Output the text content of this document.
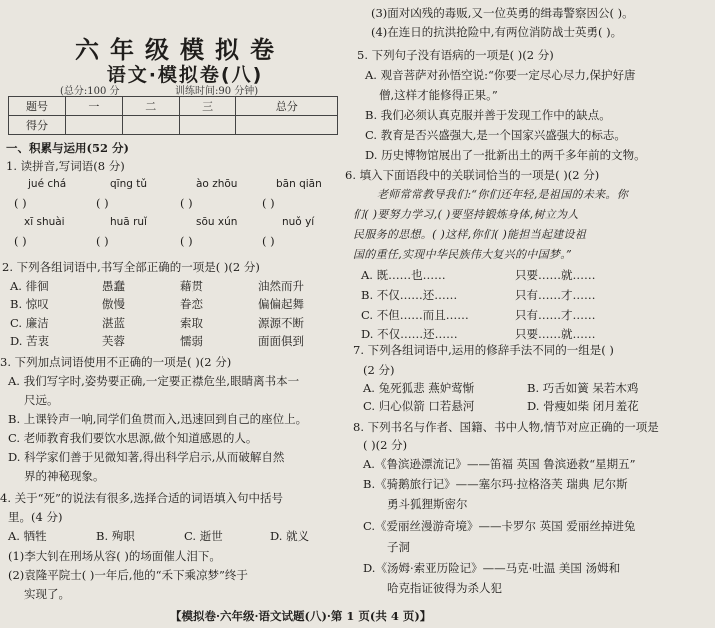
六年级模拟卷
语文·模拟卷(八)
(总分:100 分	训练时间:90 分钟)
题号	一	二	三	总分
得分				
一、积累与运用(52 分)
1. 读拼音,写词语(8 分)
jué chá	qīng tǔ	ào zhōu	bān qiān
( )	( )	( )	( )
xī shuài	huā ruǐ	sōu xún	nuǒ yí
( )	( )	( )	( )
2. 下列各组词语中,书写全部正确的一项是( )(2 分)
A. 徘徊	愚蠢	藉贯	油然而升
B. 惊叹	傲慢	眷恋	偏偏起舞
C. 廉洁	湛蓝	索取	源源不断
D. 苦衷	芙蓉	懦弱	面面俱到
3. 下列加点词语使用不正确的一项是( )(2 分)
A. 我们写字时,姿势要正确,一定要正襟危坐,眼睛离书本一
尺远。
B. 上课铃声一响,同学们鱼贯而入,迅速回到自己的座位上。
C. 老师教育我们要饮水思源,做个知道感恩的人。
D. 科学家们善于见微知著,得出科学启示,从而破解自然
界的神秘现象。
4. 关于“死”的说法有很多,选择合适的词语填入句中括号
里。(4 分)
A. 牺牲	B. 殉职	C. 逝世	D. 就义
(1)李大钊在刑场从容( )的场面催人泪下。
(2)袁隆平院士( )一年后,他的“禾下乘凉梦”终于
实现了。
(3)面对凶残的毒贩,又一位英勇的缉毒警察因公( )。
(4)在连日的抗洪抢险中,有两位消防战士英勇( )。
5. 下列句子没有语病的一项是( )(2 分)
A. 观音菩萨对孙悟空说:“你要一定尽心尽力,保护好唐
僧,这样才能修得正果。”
B. 我们必须认真克服并善于发现工作中的缺点。
C. 教育是否兴盛强大,是一个国家兴盛强大的标志。
D. 历史博物馆展出了一批新出土的两千多年前的文物。
6. 填入下面语段中的关联词恰当的一项是( )(2 分)
老师常常教导我们:“你们还年轻,是祖国的未来。你
们( )要努力学习,( )要坚持锻炼身体,树立为人
民服务的思想。( )这样,你们( )能担当起建设祖
国的重任,实现中华民族伟大复兴的中国梦。”
A. 既……也……	只要……就……
B. 不仅……还……	只有……才……
C. 不但……而且……	只有……才……
D. 不仅……还……	只要……就……
7. 下列各组词语中,运用的修辞手法不同的一组是( )
(2 分)
A. 兔死狐悲 燕妒莺惭	B. 巧舌如簧 呆若木鸡
C. 归心似箭 口若悬河	D. 骨瘦如柴 闭月羞花
8. 下列书名与作者、国籍、书中人物,情节对应正确的一项是
( )(2 分)
A.《鲁滨逊漂流记》——笛福 英国 鲁滨逊救“星期五”
B.《骑鹅旅行记》——塞尔玛·拉格洛芙 瑞典 尼尔斯
勇斗狐狸斯密尔
C.《爱丽丝漫游奇境》——卡罗尔 英国 爱丽丝掉进兔
子洞
D.《汤姆·索亚历险记》——马克·吐温 美国 汤姆和
哈克指证彼得为杀人犯
【模拟卷·六年级·语文试题(八)·第 1 页(共 4 页)】
